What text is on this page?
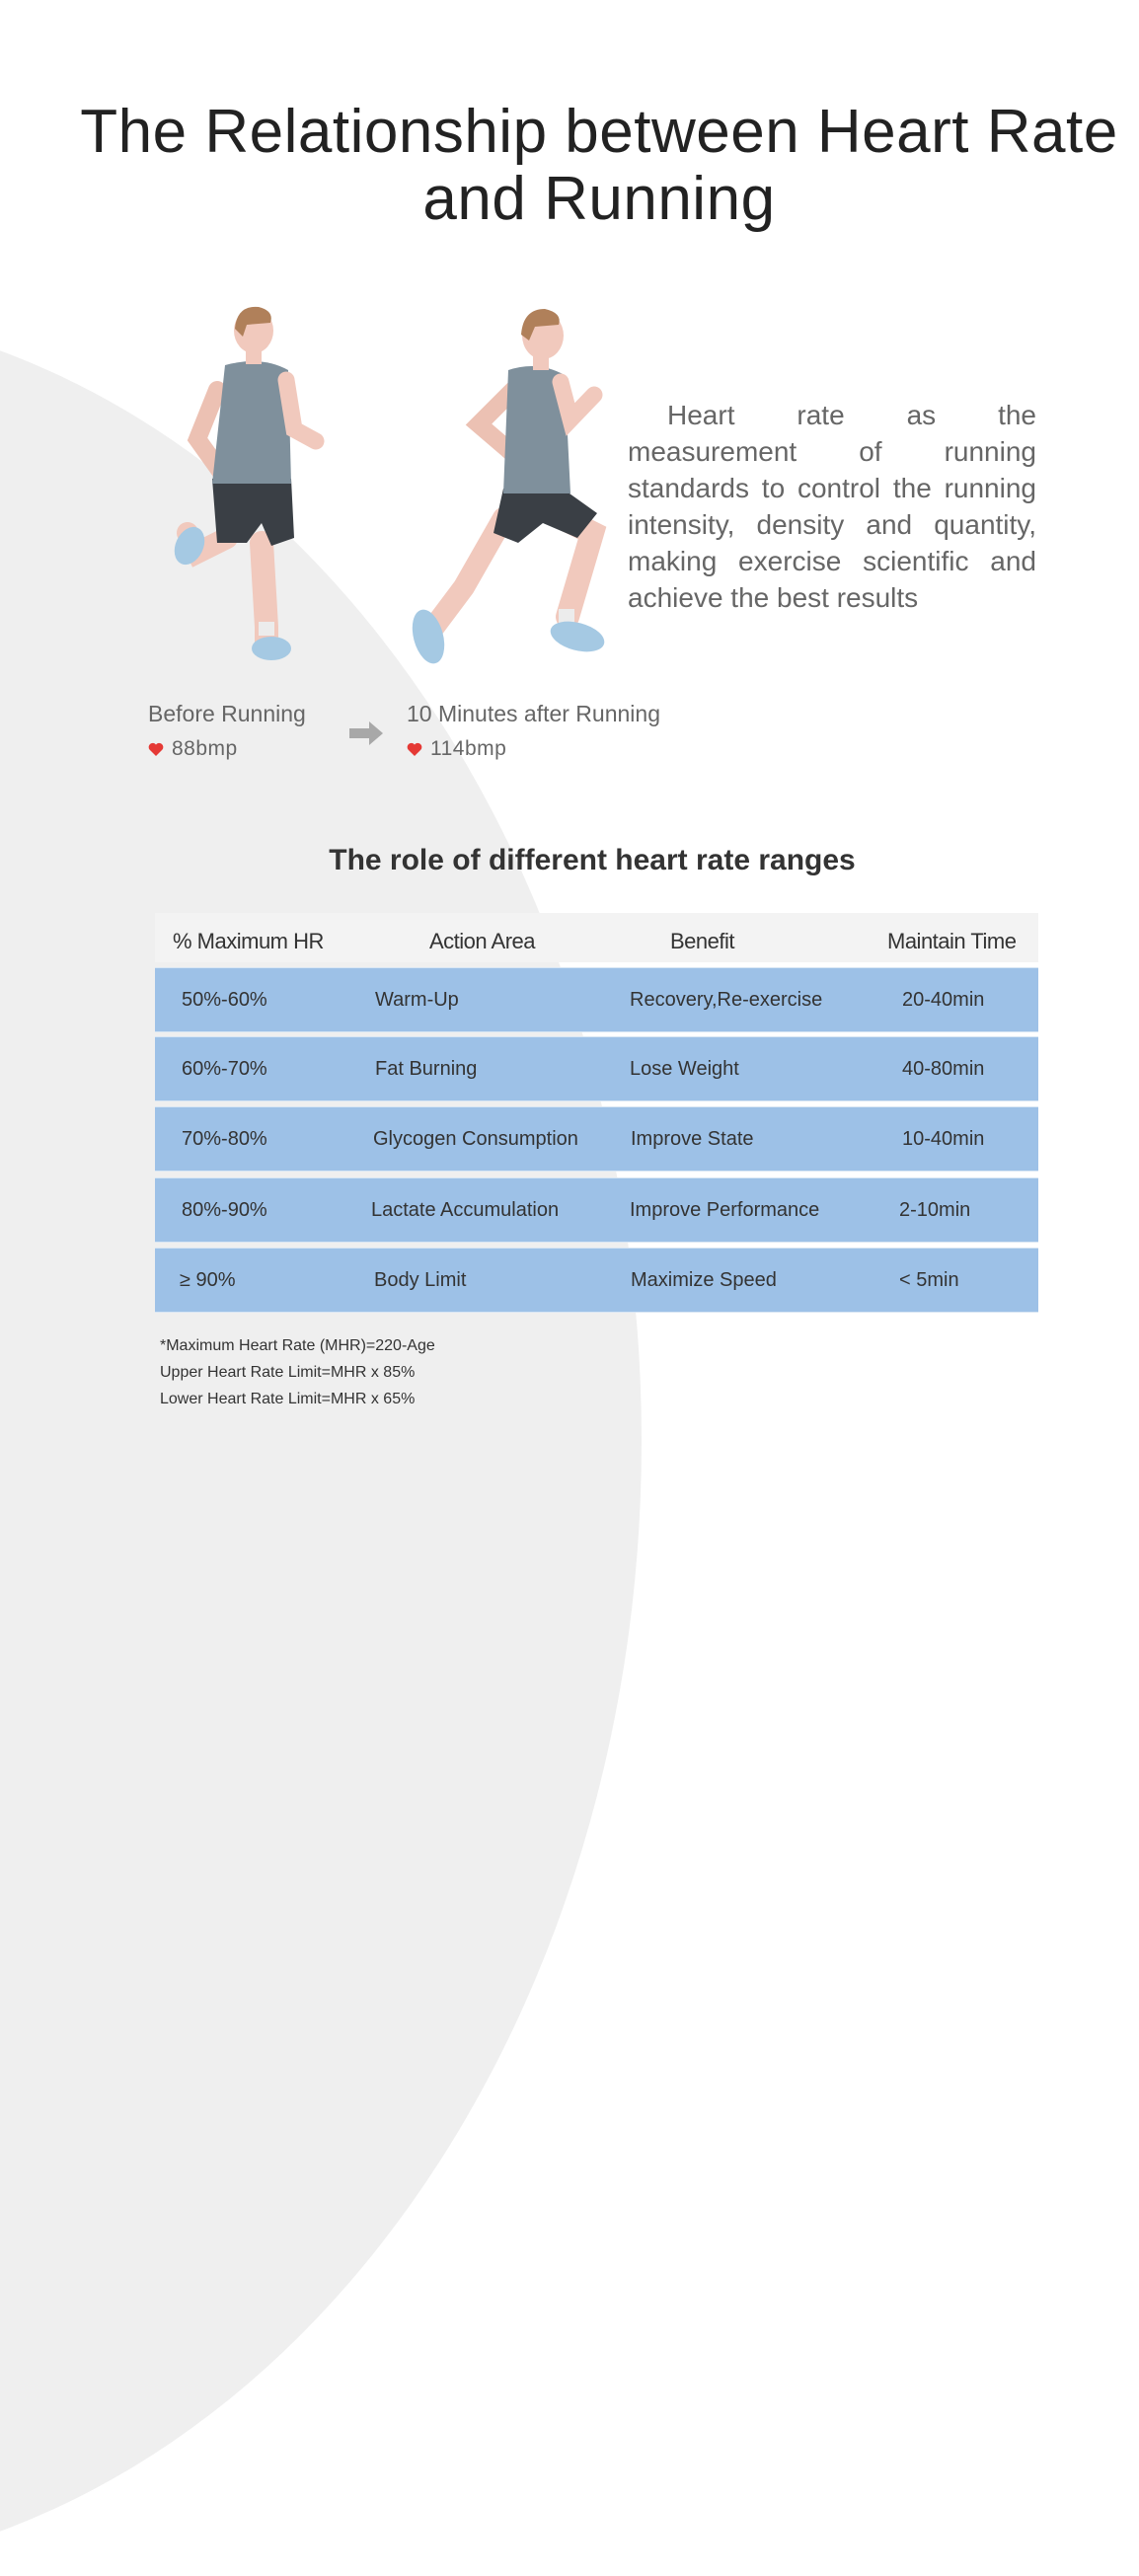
The Relationship between Heart Rate and Running

Heart rate as the measurement of running standards to control the running intensity, density and quantity, making exercise scientific and achieve the best results

Before Running
88bmp
10 Minutes after Running
114bmp
The role of different heart rate ranges
% Maximum HR	Action Area	Benefit	Maintain Time
50%-60%	Warm-Up	Recovery,Re-exercise	20-40min
60%-70%	Fat Burning	Lose Weight	40-80min
70%-80%	Glycogen Consumption	Improve State	10-40min
80%-90%	Lactate Accumulation	Improve Performance	2-10min
≥ 90%	Body Limit	Maximize Speed	< 5min
*Maximum Heart Rate (MHR)=220-Age
Upper Heart Rate Limit=MHR x 85%
Lower Heart Rate Limit=MHR x 65%
